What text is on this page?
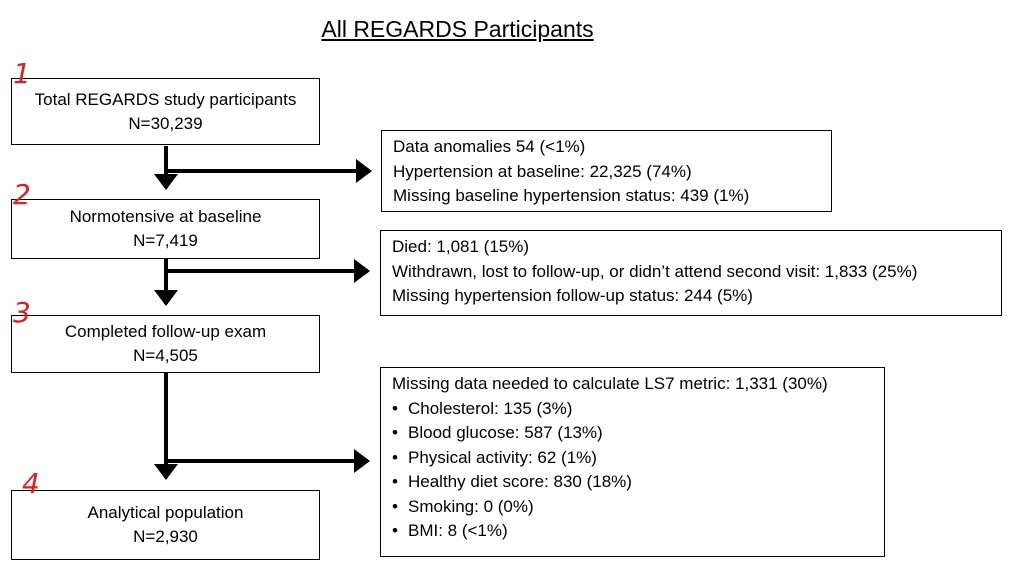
All REGARDS Participants
Total REGARDS study participants
N=30,239
Normotensive at baseline
N=7,419
Completed follow-up exam
N=4,505
Analytical population
N=2,930
1
2
3
4
Data anomalies 54 (<1%)
Hypertension at baseline: 22,325 (74%)
Missing baseline hypertension status: 439 (1%)
Died: 1,081 (15%)
Withdrawn, lost to follow-up, or didn’t attend second visit: 1,833 (25%)
Missing hypertension follow-up status: 244 (5%)
Missing data needed to calculate LS7 metric: 1,331 (30%)
• Cholesterol: 135 (3%)
• Blood glucose: 587 (13%)
• Physical activity: 62 (1%)
• Healthy diet score: 830 (18%)
• Smoking: 0 (0%)
• BMI: 8 (<1%)
